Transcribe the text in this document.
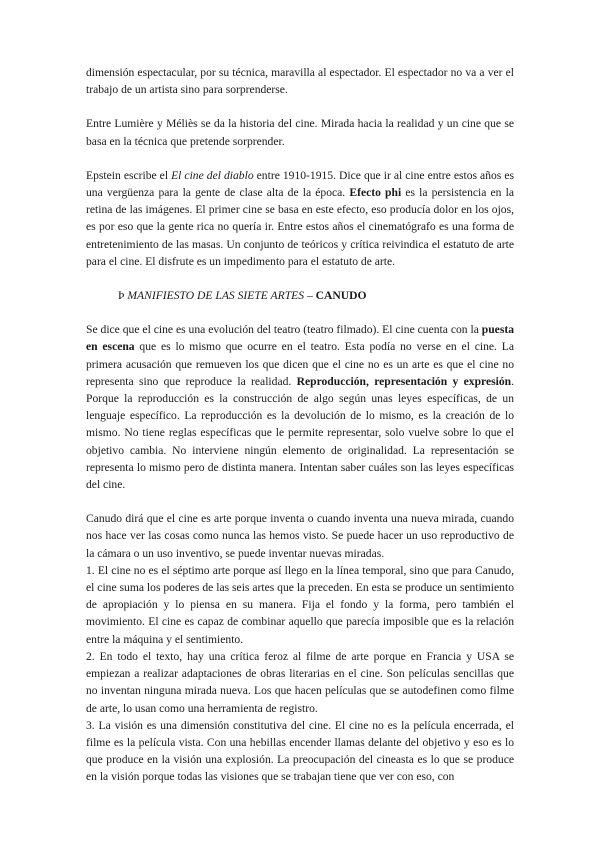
dimensión espectacular, por su técnica, maravilla al espectador. El espectador no va a ver el trabajo de un artista sino para sorprenderse.

Entre Lumière y Méliès se da la historia del cine. Mirada hacia la realidad y un cine que se basa en la técnica que pretende sorprender.

Epstein escribe el El cine del diablo entre 1910-1915. Dice que ir al cine entre estos años es una vergüenza para la gente de clase alta de la época. Efecto phi es la persistencia en la retina de las imágenes. El primer cine se basa en este efecto, eso producía dolor en los ojos, es por eso que la gente rica no quería ir. Entre estos años el cinematógrafo es una forma de entretenimiento de las masas. Un conjunto de teóricos y crítica reivindica el estatuto de arte para el cine. El disfrute es un impedimento para el estatuto de arte.

Þ MANIFIESTO DE LAS SIETE ARTES – CANUDO

Se dice que el cine es una evolución del teatro (teatro filmado). El cine cuenta con la puesta en escena que es lo mismo que ocurre en el teatro. Esta podía no verse en el cine. La primera acusación que remueven los que dicen que el cine no es un arte es que el cine no representa sino que reproduce la realidad. Reproducción, representación y expresión. Porque la reproducción es la construcción de algo según unas leyes específicas, de un lenguaje específico. La reproducción es la devolución de lo mismo, es la creación de lo mismo. No tiene reglas específicas que le permite representar, solo vuelve sobre lo que el objetivo cambia. No interviene ningún elemento de originalidad. La representación se representa lo mismo pero de distinta manera. Intentan saber cuáles son las leyes específicas del cine.

Canudo dirá que el cine es arte porque inventa o cuando inventa una nueva mirada, cuando nos hace ver las cosas como nunca las hemos visto. Se puede hacer un uso reproductivo de la cámara o un uso inventivo, se puede inventar nuevas miradas.

1. El cine no es el séptimo arte porque así llego en la línea temporal, sino que para Canudo, el cine suma los poderes de las seis artes que la preceden. En esta se produce un sentimiento de apropiación y lo piensa en su manera. Fija el fondo y la forma, pero también el movimiento. El cine es capaz de combinar aquello que parecía imposible que es la relación entre la máquina y el sentimiento.

2. En todo el texto, hay una crítica feroz al filme de arte porque en Francia y USA se empiezan a realizar adaptaciones de obras literarias en el cine. Son películas sencillas que no inventan ninguna mirada nueva. Los que hacen películas que se autodefinen como filme de arte, lo usan como una herramienta de registro.

3. La visión es una dimensión constitutiva del cine. El cine no es la película encerrada, el filme es la película vista. Con una hebillas encender llamas delante del objetivo y eso es lo que produce en la visión una explosión. La preocupación del cineasta es lo que se produce en la visión porque todas las visiones que se trabajan tiene que ver con eso, con
